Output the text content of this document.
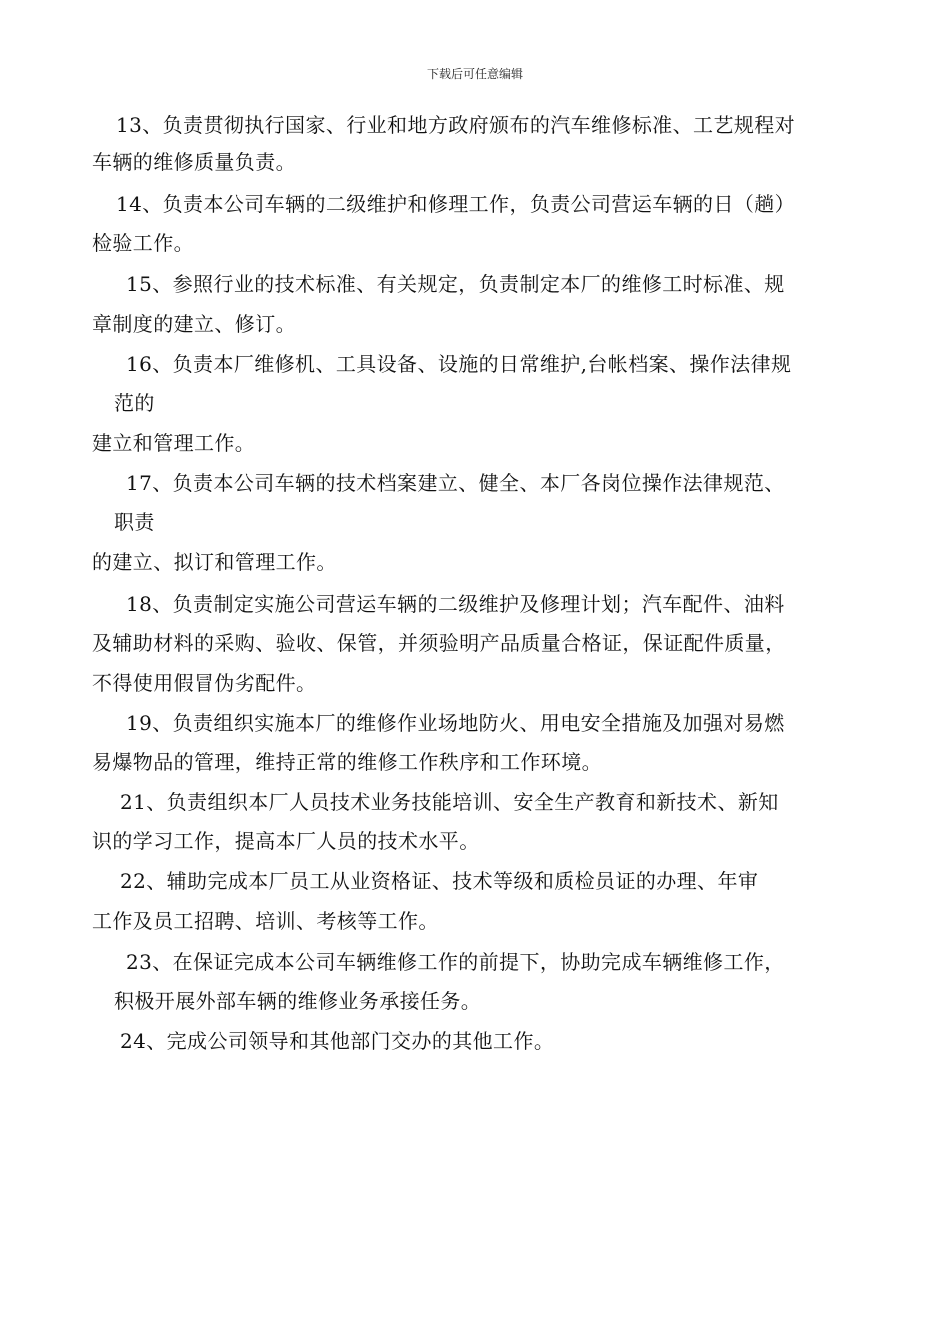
下载后可任意编辑
13、负责贯彻执行国家、行业和地方政府颁布的汽车维修标准、工艺规程对
车辆的维修质量负责。
14、负责本公司车辆的二级维护和修理工作，负责公司营运车辆的日（趟）
检验工作。
15、参照行业的技术标准、有关规定，负责制定本厂的维修工时标准、规
章制度的建立、修订。
16、负责本厂维修机、工具设备、设施的日常维护,台帐档案、操作法律规
范的
建立和管理工作。
17、负责本公司车辆的技术档案建立、健全、本厂各岗位操作法律规范、
职责
的建立、拟订和管理工作。
18、负责制定实施公司营运车辆的二级维护及修理计划；汽车配件、油料
及辅助材料的采购、验收、保管，并须验明产品质量合格证，保证配件质量，
不得使用假冒伪劣配件。
19、负责组织实施本厂的维修作业场地防火、用电安全措施及加强对易燃
易爆物品的管理，维持正常的维修工作秩序和工作环境。
21、负责组织本厂人员技术业务技能培训、安全生产教育和新技术、新知
识的学习工作，提高本厂人员的技术水平。
22、辅助完成本厂员工从业资格证、技术等级和质检员证的办理、年审
工作及员工招聘、培训、考核等工作。
23、在保证完成本公司车辆维修工作的前提下，协助完成车辆维修工作，
积极开展外部车辆的维修业务承接任务。
24、完成公司领导和其他部门交办的其他工作。
